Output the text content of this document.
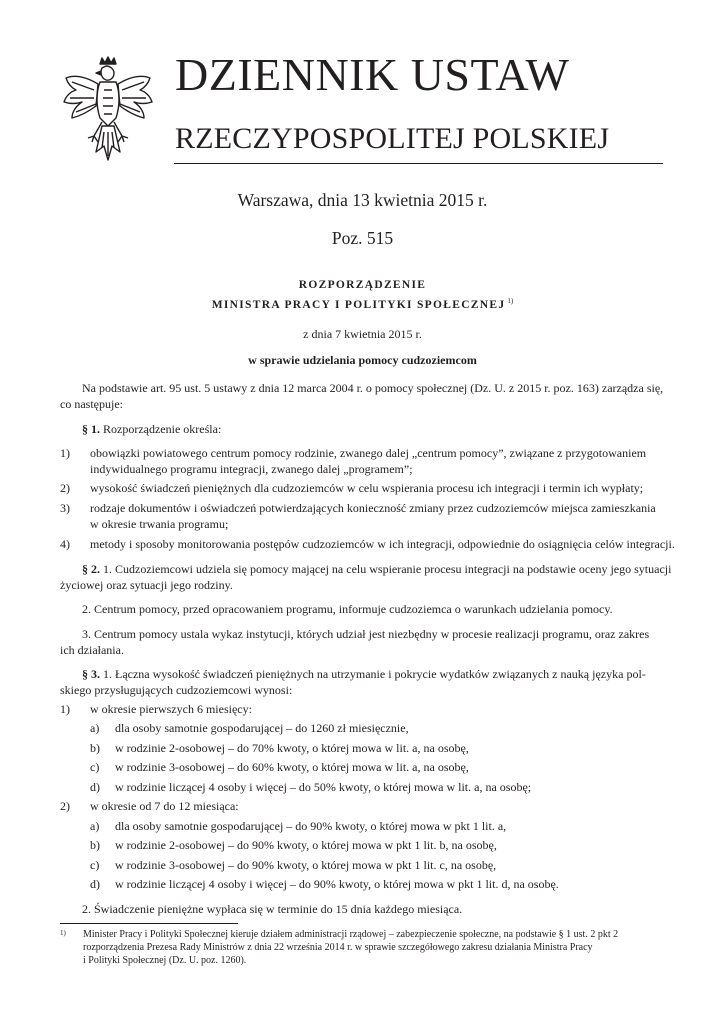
DZIENNIK USTAW
RZECZYPOSPOLITEJ POLSKIEJ
Warszawa, dnia 13 kwietnia 2015 r.
Poz. 515
ROZPORZĄDZENIE
MINISTRA PRACY I POLITYKI SPOŁECZNEJ $^{1)}$
z dnia 7 kwietnia 2015 r.
w sprawie udzielania pomocy cudzoziemcom
Na podstawie art. 95 ust. 5 ustawy z dnia 12 marca 2004 r. o pomocy społecznej (Dz. U. z 2015 r. poz. 163) zarządza się,
co następuje:
§ 1. Rozporządzenie określa:
1) obowiązki powiatowego centrum pomocy rodzinie, zwanego dalej „centrum pomocy”, związane z przygotowaniem
indywidualnego programu integracji, zwanego dalej „programem”;
2) wysokość świadczeń pieniężnych dla cudzoziemców w celu wspierania procesu ich integracji i termin ich wypłaty;
3) rodzaje dokumentów i oświadczeń potwierdzających konieczność zmiany przez cudzoziemców miejsca zamieszkania
w okresie trwania programu;
4) metody i sposoby monitorowania postępów cudzoziemców w ich integracji, odpowiednie do osiągnięcia celów integracji.
§ 2. 1. Cudzoziemcowi udziela się pomocy mającej na celu wspieranie procesu integracji na podstawie oceny jego sytuacji
życiowej oraz sytuacji jego rodziny.
2. Centrum pomocy, przed opracowaniem programu, informuje cudzoziemca o warunkach udzielania pomocy.
3. Centrum pomocy ustala wykaz instytucji, których udział jest niezbędny w procesie realizacji programu, oraz zakres
ich działania.
§ 3. 1. Łączna wysokość świadczeń pieniężnych na utrzymanie i pokrycie wydatków związanych z nauką języka pol-
skiego przysługujących cudzoziemcowi wynosi:
1) w okresie pierwszych 6 miesięcy:
a) dla osoby samotnie gospodarującej – do 1260 zł miesięcznie,
b) w rodzinie 2-osobowej – do 70% kwoty, o której mowa w lit. a, na osobę,
c) w rodzinie 3-osobowej – do 60% kwoty, o której mowa w lit. a, na osobę,
d) w rodzinie liczącej 4 osoby i więcej – do 50% kwoty, o której mowa w lit. a, na osobę;
2) w okresie od 7 do 12 miesiąca:
a) dla osoby samotnie gospodarującej – do 90% kwoty, o której mowa w pkt 1 lit. a,
b) w rodzinie 2-osobowej – do 90% kwoty, o której mowa w pkt 1 lit. b, na osobę,
c) w rodzinie 3-osobowej – do 90% kwoty, o której mowa w pkt 1 lit. c, na osobę,
d) w rodzinie liczącej 4 osoby i więcej – do 90% kwoty, o której mowa w pkt 1 lit. d, na osobę.
2. Świadczenie pieniężne wypłaca się w terminie do 15 dnia każdego miesiąca.
$^{1)}$ Minister Pracy i Polityki Społecznej kieruje działem administracji rządowej – zabezpieczenie społeczne, na podstawie § 1 ust. 2 pkt 2
rozporządzenia Prezesa Rady Ministrów z dnia 22 września 2014 r. w sprawie szczegółowego zakresu działania Ministra Pracy
i Polityki Społecznej (Dz. U. poz. 1260).
